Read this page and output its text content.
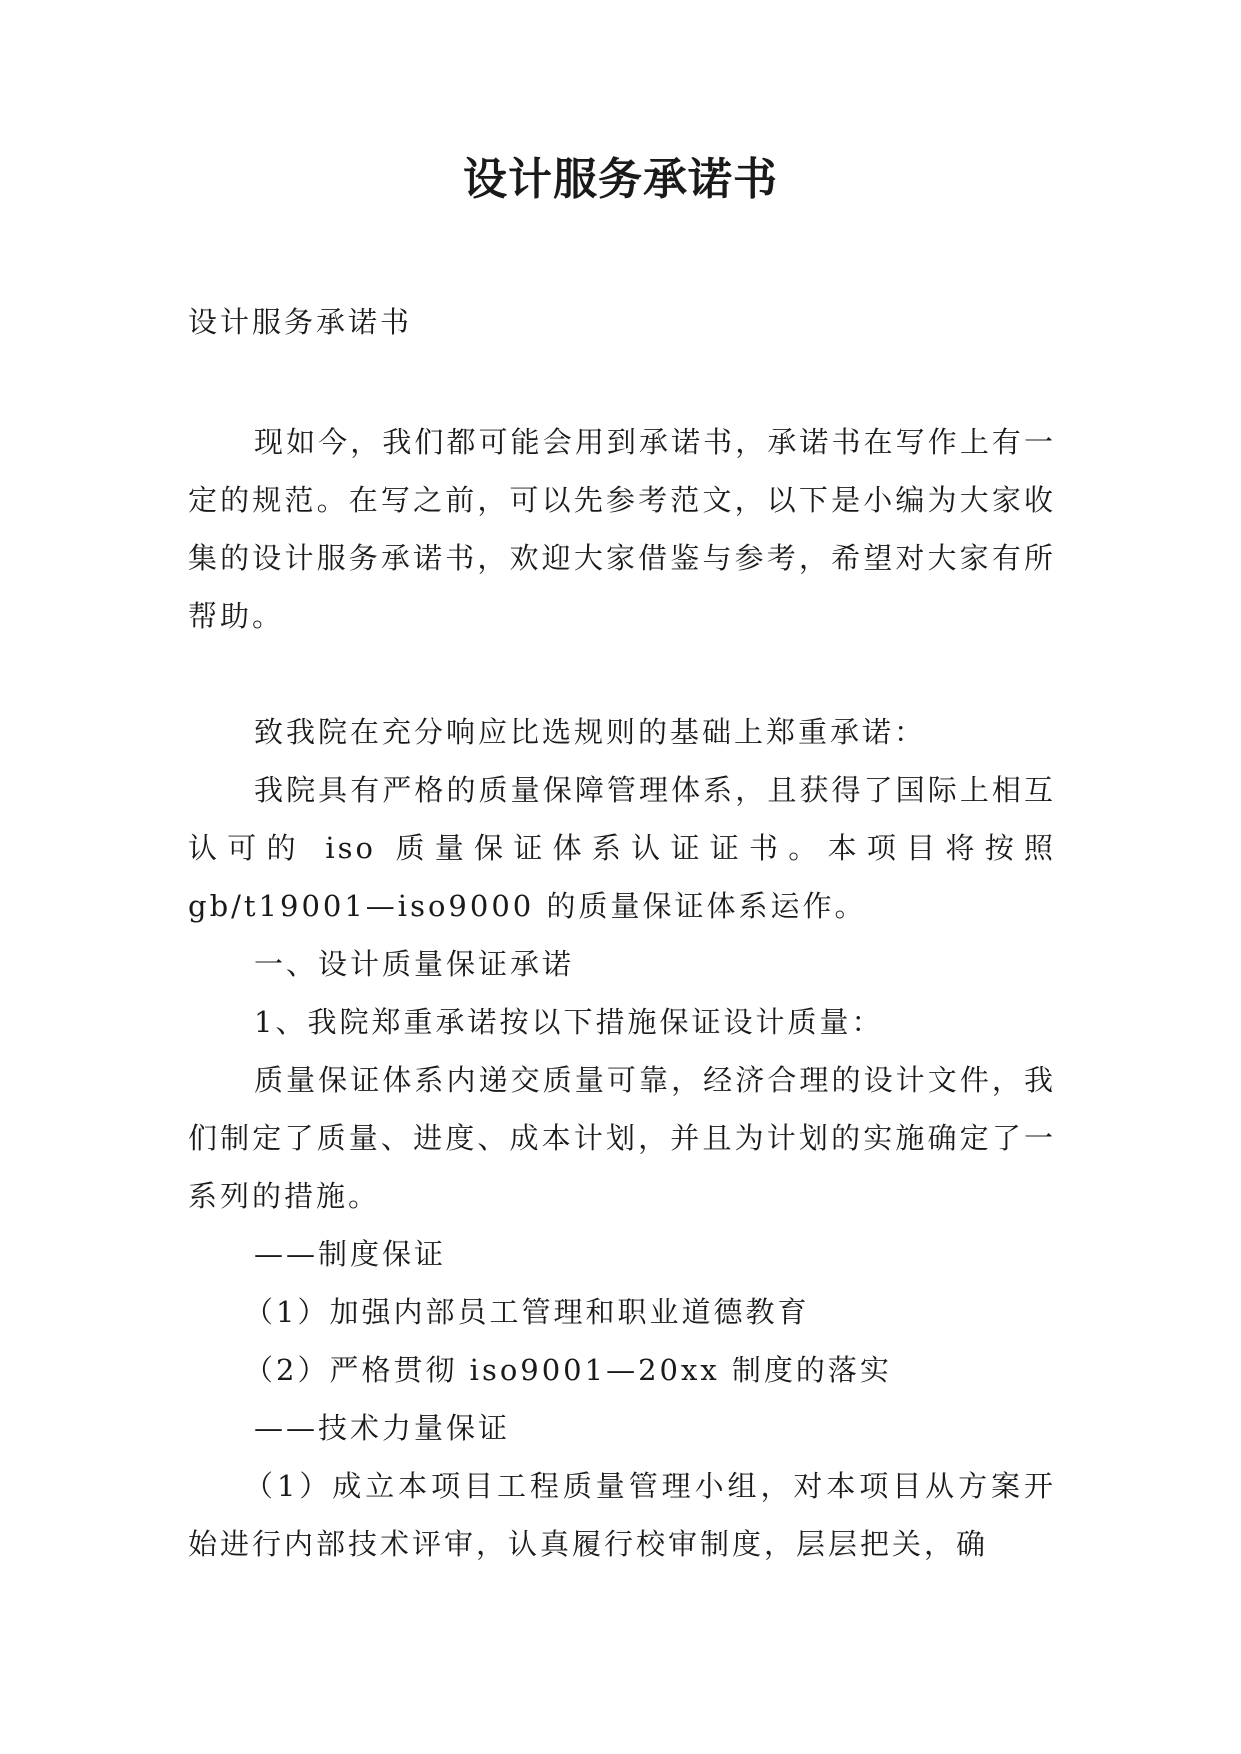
设计服务承诺书

设计服务承诺书

现如今，我们都可能会用到承诺书，承诺书在写作上有一定的规范。在写之前，可以先参考范文，以下是小编为大家收集的设计服务承诺书，欢迎大家借鉴与参考，希望对大家有所帮助。

致我院在充分响应比选规则的基础上郑重承诺：

我院具有严格的质量保障管理体系，且获得了国际上相互认可的 iso 质量保证体系认证证书。本项目将按照 gb/t19001—iso9000 的质量保证体系运作。

一、设计质量保证承诺

1、我院郑重承诺按以下措施保证设计质量：

质量保证体系内递交质量可靠，经济合理的设计文件，我们制定了质量、进度、成本计划，并且为计划的实施确定了一系列的措施。

——制度保证

（1）加强内部员工管理和职业道德教育

（2）严格贯彻 iso9001—20xx 制度的落实

——技术力量保证

（1）成立本项目工程质量管理小组，对本项目从方案开始进行内部技术评审，认真履行校审制度，层层把关，确
